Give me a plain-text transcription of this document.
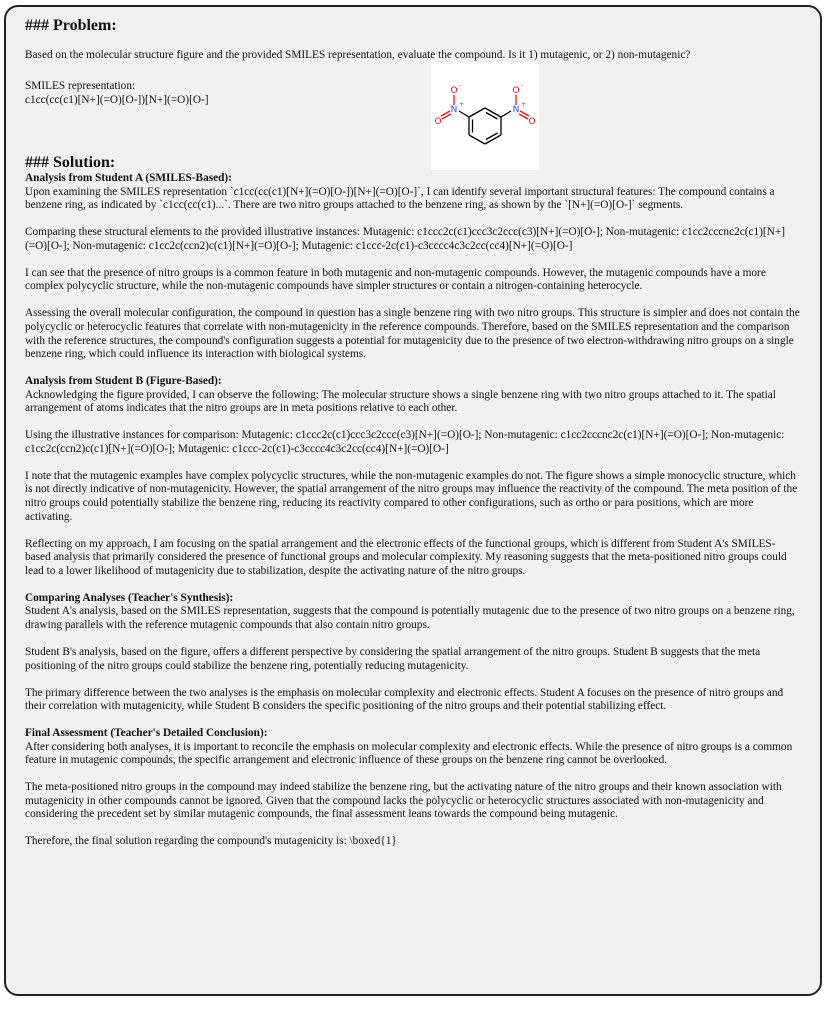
### Problem:

Based on the molecular structure figure and the provided SMILES representation, evaluate the compound. Is it 1) mutagenic, or 2) non-mutagenic?

SMILES representation:

c1cc(cc(c1)[N+](=O)[O-])[N+](=O)[O-]

N
+
O
-
O
N
+
O
-
O
### Solution:

Analysis from Student A (SMILES-Based):

Upon examining the SMILES representation `c1cc(cc(c1)[N+](=O)[O-])[N+](=O)[O-]`, I can identify several important structural features: The compound contains a benzene ring, as indicated by `c1cc(cc(c1)...`. There are two nitro groups attached to the benzene ring, as shown by the `[N+](=O)[O-]` segments.

Comparing these structural elements to the provided illustrative instances: Mutagenic: c1ccc2c(c1)ccc3c2ccc(c3)[N+](=O)[O-]; Non-mutagenic: c1cc2cccnc2c(c1)[N+](=O)[O-]; Non-mutagenic: c1cc2c(ccn2)c(c1)[N+](=O)[O-]; Mutagenic: c1ccc-2c(c1)-c3cccc4c3c2cc(cc4)[N+](=O)[O-]

I can see that the presence of nitro groups is a common feature in both mutagenic and non-mutagenic compounds. However, the mutagenic compounds have a more complex polycyclic structure, while the non-mutagenic compounds have simpler structures or contain a nitrogen-containing heterocycle.

Assessing the overall molecular configuration, the compound in question has a single benzene ring with two nitro groups. This structure is simpler and does not contain the polycyclic or heterocyclic features that correlate with non-mutagenicity in the reference compounds. Therefore, based on the SMILES representation and the comparison with the reference structures, the compound's configuration suggests a potential for mutagenicity due to the presence of two electron-withdrawing nitro groups on a single benzene ring, which could influence its interaction with biological systems.

Analysis from Student B (Figure-Based):

Acknowledging the figure provided, I can observe the following: The molecular structure shows a single benzene ring with two nitro groups attached to it. The spatial arrangement of atoms indicates that the nitro groups are in meta positions relative to each other.

Using the illustrative instances for comparison: Mutagenic: c1ccc2c(c1)ccc3c2ccc(c3)[N+](=O)[O-]; Non-mutagenic: c1cc2cccnc2c(c1)[N+](=O)[O-]; Non-mutagenic: c1cc2c(ccn2)c(c1)[N+](=O)[O-]; Mutagenic: c1ccc-2c(c1)-c3cccc4c3c2cc(cc4)[N+](=O)[O-]

I note that the mutagenic examples have complex polycyclic structures, while the non-mutagenic examples do not. The figure shows a simple monocyclic structure, which is not directly indicative of non-mutagenicity. However, the spatial arrangement of the nitro groups may influence the reactivity of the compound. The meta position of the nitro groups could potentially stabilize the benzene ring, reducing its reactivity compared to other configurations, such as ortho or para positions, which are more activating.

Reflecting on my approach, I am focusing on the spatial arrangement and the electronic effects of the functional groups, which is different from Student A's SMILES-based analysis that primarily considered the presence of functional groups and molecular complexity. My reasoning suggests that the meta-positioned nitro groups could lead to a lower likelihood of mutagenicity due to stabilization, despite the activating nature of the nitro groups.

Comparing Analyses (Teacher's Synthesis):

Student A's analysis, based on the SMILES representation, suggests that the compound is potentially mutagenic due to the presence of two nitro groups on a benzene ring, drawing parallels with the reference mutagenic compounds that also contain nitro groups.

Student B's analysis, based on the figure, offers a different perspective by considering the spatial arrangement of the nitro groups. Student B suggests that the meta positioning of the nitro groups could stabilize the benzene ring, potentially reducing mutagenicity.

The primary difference between the two analyses is the emphasis on molecular complexity and electronic effects. Student A focuses on the presence of nitro groups and their correlation with mutagenicity, while Student B considers the specific positioning of the nitro groups and their potential stabilizing effect.

Final Assessment (Teacher's Detailed Conclusion):

After considering both analyses, it is important to reconcile the emphasis on molecular complexity and electronic effects. While the presence of nitro groups is a common feature in mutagenic compounds, the specific arrangement and electronic influence of these groups on the benzene ring cannot be overlooked.

The meta-positioned nitro groups in the compound may indeed stabilize the benzene ring, but the activating nature of the nitro groups and their known association with mutagenicity in other compounds cannot be ignored. Given that the compound lacks the polycyclic or heterocyclic structures associated with non-mutagenicity and considering the precedent set by similar mutagenic compounds, the final assessment leans towards the compound being mutagenic.

Therefore, the final solution regarding the compound's mutagenicity is: \boxed{1}
